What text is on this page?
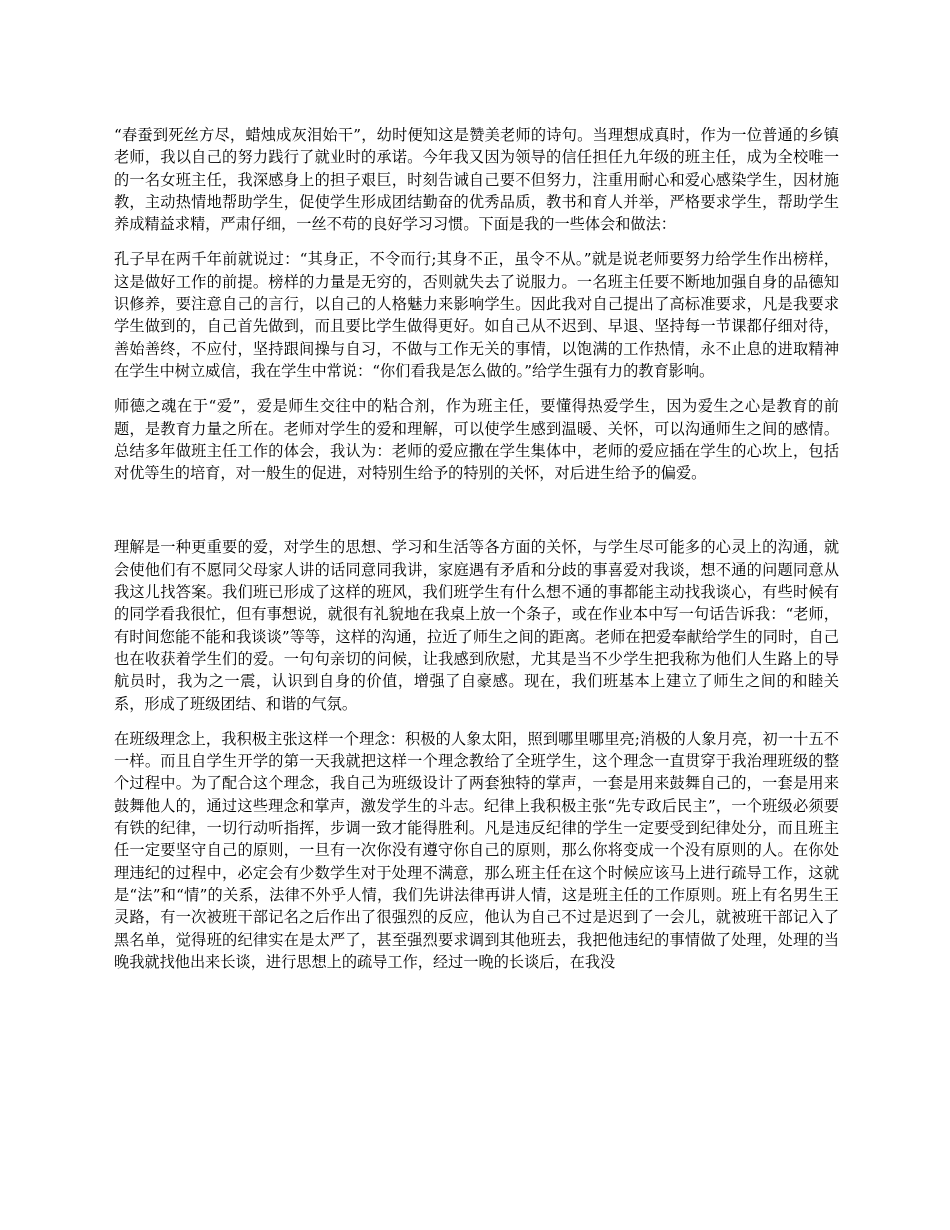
“春蚕到死丝方尽，蜡烛成灰泪始干”，幼时便知这是赞美老师的诗句。当理想成真时，作为一位普通的乡镇老师，我以自己的努力践行了就业时的承诺。今年我又因为领导的信任担任九年级的班主任，成为全校唯一的一名女班主任，我深感身上的担子艰巨，时刻告诫自己要不但努力，注重用耐心和爱心感染学生，因材施教，主动热情地帮助学生，促使学生形成团结勤奋的优秀品质，教书和育人并举，严格要求学生，帮助学生养成精益求精，严肃仔细，一丝不苟的良好学习习惯。下面是我的一些体会和做法：

孔子早在两千年前就说过：“其身正，不令而行;其身不正，虽令不从。”就是说老师要努力给学生作出榜样，这是做好工作的前提。榜样的力量是无穷的，否则就失去了说服力。一名班主任要不断地加强自身的品德知识修养，要注意自己的言行，以自己的人格魅力来影响学生。因此我对自己提出了高标准要求，凡是我要求学生做到的，自己首先做到，而且要比学生做得更好。如自己从不迟到、早退、坚持每一节课都仔细对待，善始善终，不应付，坚持跟间操与自习，不做与工作无关的事情，以饱满的工作热情，永不止息的进取精神在学生中树立威信，我在学生中常说：“你们看我是怎么做的。”给学生强有力的教育影响。

师德之魂在于“爱”，爱是师生交往中的粘合剂，作为班主任，要懂得热爱学生，因为爱生之心是教育的前题，是教育力量之所在。老师对学生的爱和理解，可以使学生感到温暖、关怀，可以沟通师生之间的感情。总结多年做班主任工作的体会，我认为：老师的爱应撒在学生集体中，老师的爱应插在学生的心坎上，包括对优等生的培育，对一般生的促进，对特别生给予的特别的关怀，对后进生给予的偏爱。

理解是一种更重要的爱，对学生的思想、学习和生活等各方面的关怀，与学生尽可能多的心灵上的沟通，就会使他们有不愿同父母家人讲的话同意同我讲，家庭遇有矛盾和分歧的事喜爱对我谈，想不通的问题同意从我这儿找答案。我们班已形成了这样的班风，我们班学生有什么想不通的事都能主动找我谈心，有些时候有的同学看我很忙，但有事想说，就很有礼貌地在我桌上放一个条子，或在作业本中写一句话告诉我：“老师，有时间您能不能和我谈谈”等等，这样的沟通，拉近了师生之间的距离。老师在把爱奉献给学生的同时，自己也在收获着学生们的爱。一句句亲切的问候，让我感到欣慰，尤其是当不少学生把我称为他们人生路上的导航员时，我为之一震，认识到自身的价值，增强了自豪感。现在，我们班基本上建立了师生之间的和睦关系，形成了班级团结、和谐的气氛。

在班级理念上，我积极主张这样一个理念：积极的人象太阳，照到哪里哪里亮;消极的人象月亮，初一十五不一样。而且自学生开学的第一天我就把这样一个理念教给了全班学生，这个理念一直贯穿于我治理班级的整个过程中。为了配合这个理念，我自己为班级设计了两套独特的掌声，一套是用来鼓舞自己的，一套是用来鼓舞他人的，通过这些理念和掌声，激发学生的斗志。纪律上我积极主张“先专政后民主”，一个班级必须要有铁的纪律，一切行动听指挥，步调一致才能得胜利。凡是违反纪律的学生一定要受到纪律处分，而且班主任一定要坚守自己的原则，一旦有一次你没有遵守你自己的原则，那么你将变成一个没有原则的人。在你处理违纪的过程中，必定会有少数学生对于处理不满意，那么班主任在这个时候应该马上进行疏导工作，这就是“法”和“情”的关系，法律不外乎人情，我们先讲法律再讲人情，这是班主任的工作原则。班上有名男生王灵路，有一次被班干部记名之后作出了很强烈的反应，他认为自己不过是迟到了一会儿，就被班干部记入了黑名单，觉得班的纪律实在是太严了，甚至强烈要求调到其他班去，我把他违纪的事情做了处理，处理的当晚我就找他出来长谈，进行思想上的疏导工作，经过一晚的长谈后，在我没
